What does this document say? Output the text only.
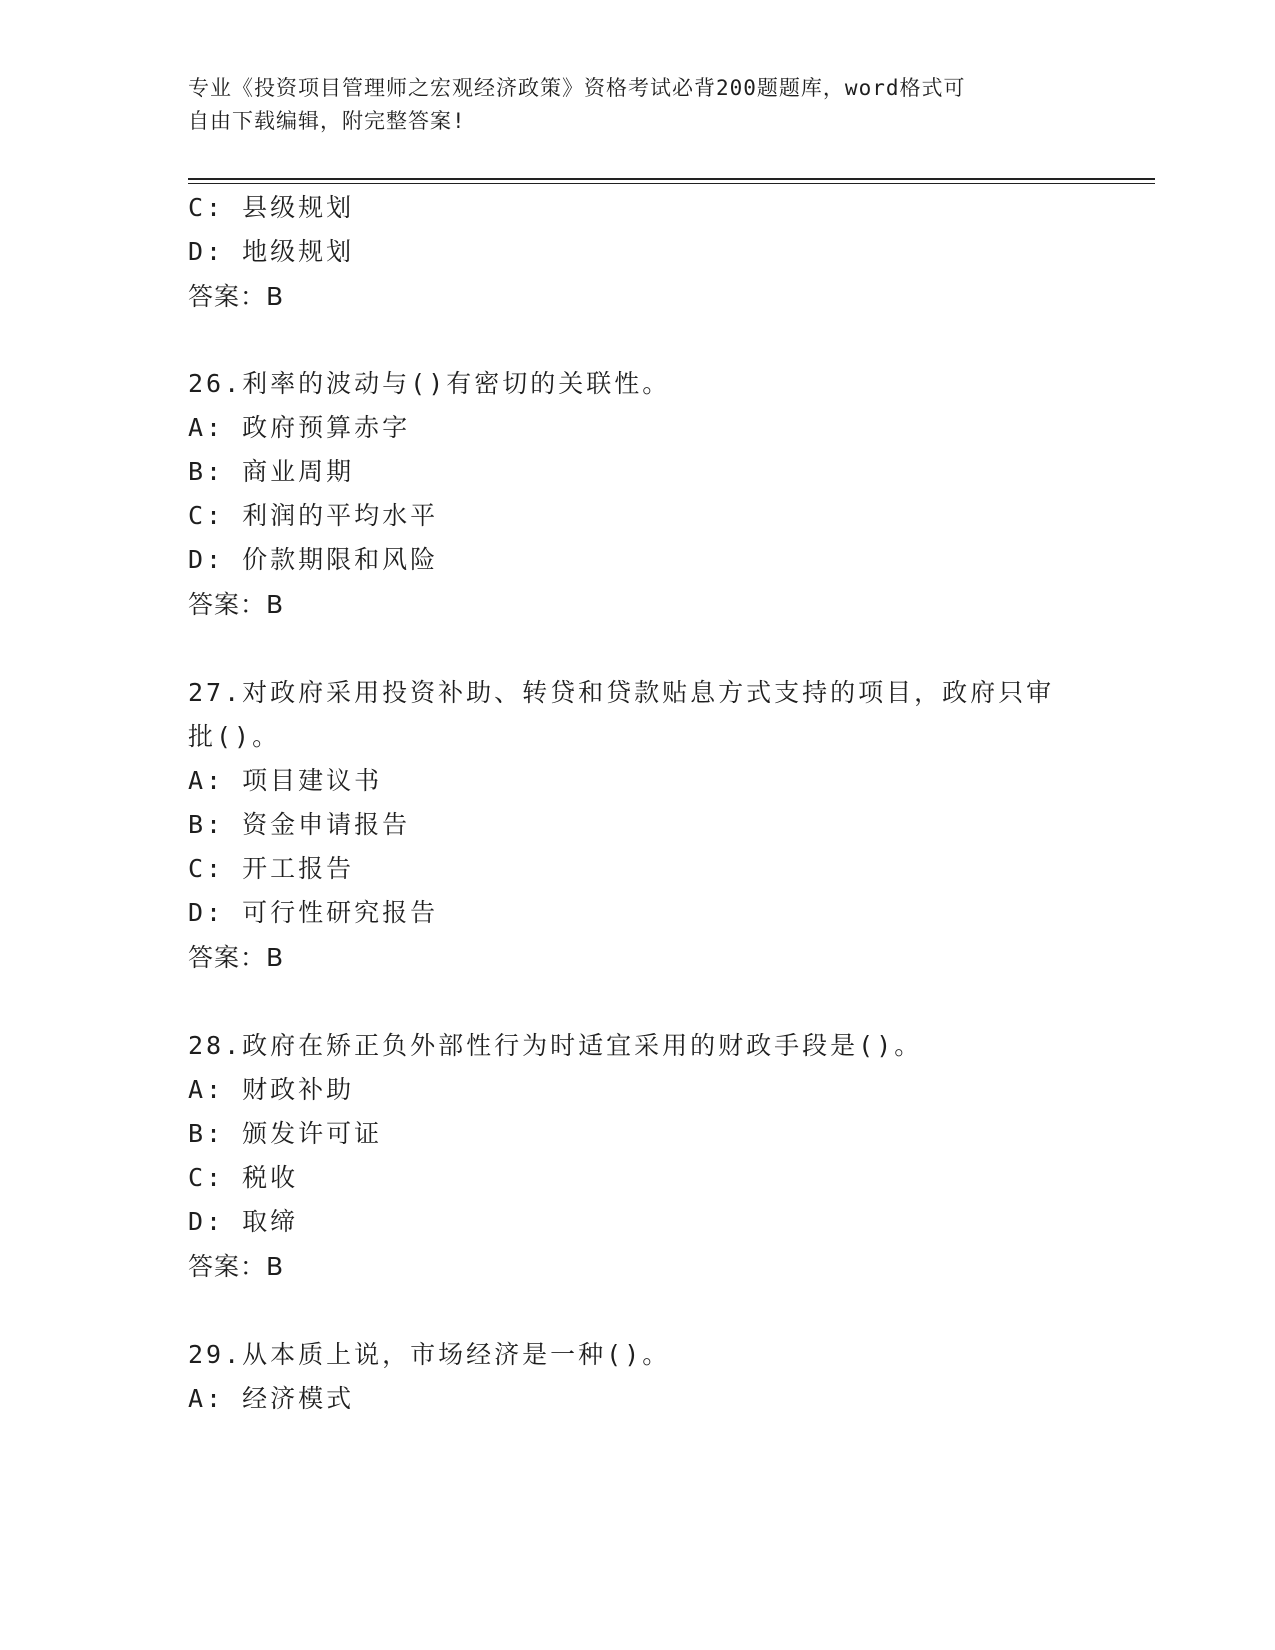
专业《投资项目管理师之宏观经济政策》资格考试必背200题题库，word格式可
自由下载编辑，附完整答案!
C: 县级规划
D: 地级规划
答案：B
26.利率的波动与()有密切的关联性。
A: 政府预算赤字
B: 商业周期
C: 利润的平均水平
D: 价款期限和风险
答案：B
27.对政府采用投资补助、转贷和贷款贴息方式支持的项目，政府只审
批()。
A: 项目建议书
B: 资金申请报告
C: 开工报告
D: 可行性研究报告
答案：B
28.政府在矫正负外部性行为时适宜采用的财政手段是()。
A: 财政补助
B: 颁发许可证
C: 税收
D: 取缔
答案：B
29.从本质上说，市场经济是一种()。
A: 经济模式
